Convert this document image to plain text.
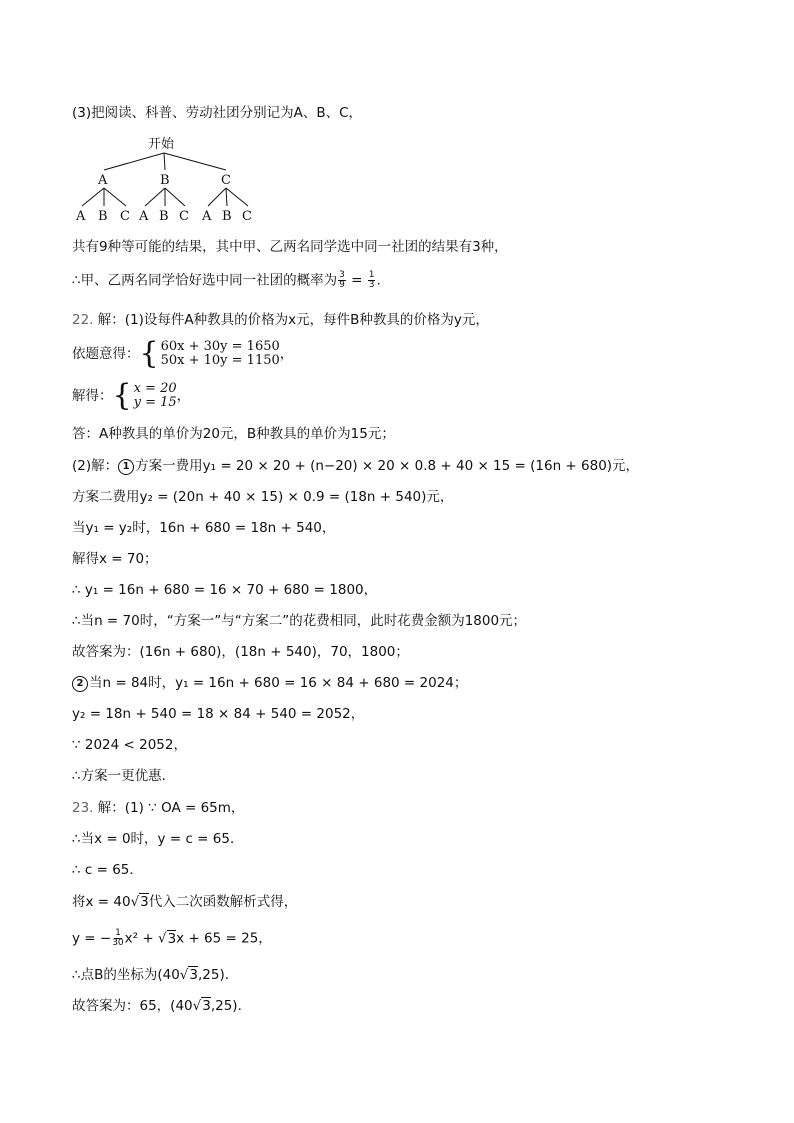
(3)把阅读、科普、劳动社团分别记为A、B、C，
开始
A	B	C
A B C A B C A B C
共有9种等可能的结果，其中甲、乙两名同学选中同一社团的结果有3种，
∴甲、乙两名同学恰好选中同一社团的概率为 $\frac{3}{9} = \frac{1}{3}$ .
22. 解：(1)设每件A种教具的价格为x元，每件B种教具的价格为y元，
依题意得： { 60x + 30y = 1650
50x + 10y = 1150 ，
解得： { x = 20
y = 15 ，
答：A种教具的单价为20元，B种教具的单价为15元；
(2)解： 1 方案一费用y₁ = 20 × 20 + (n−20) × 20 × 0.8 + 40 × 15 = (16n + 680)元，
方案二费用y₂ = (20n + 40 × 15) × 0.9 = (18n + 540)元，
当y₁ = y₂时，16n + 680 = 18n + 540，
解得x = 70；
∴ y₁ = 16n + 680 = 16 × 70 + 680 = 1800，
∴当n = 70时，“方案一”与“方案二”的花费相同，此时花费金额为1800元；
故答案为：(16n + 680)，(18n + 540)，70，1800；
2 当n = 84时，y₁ = 16n + 680 = 16 × 84 + 680 = 2024；
y₂ = 18n + 540 = 18 × 84 + 540 = 2052，
∵ 2024 < 2052，
∴方案一更优惠．
23. 解：(1) ∵ OA = 65m，
∴当x = 0时，y = c = 65．
∴ c = 65．
将x = 40√3代入二次函数解析式得，
y = − $\frac{1}{30} x^2 + √3x + 65 = 25$，
∴点B的坐标为(40√3,25)．
故答案为：65，(40√3,25)．
